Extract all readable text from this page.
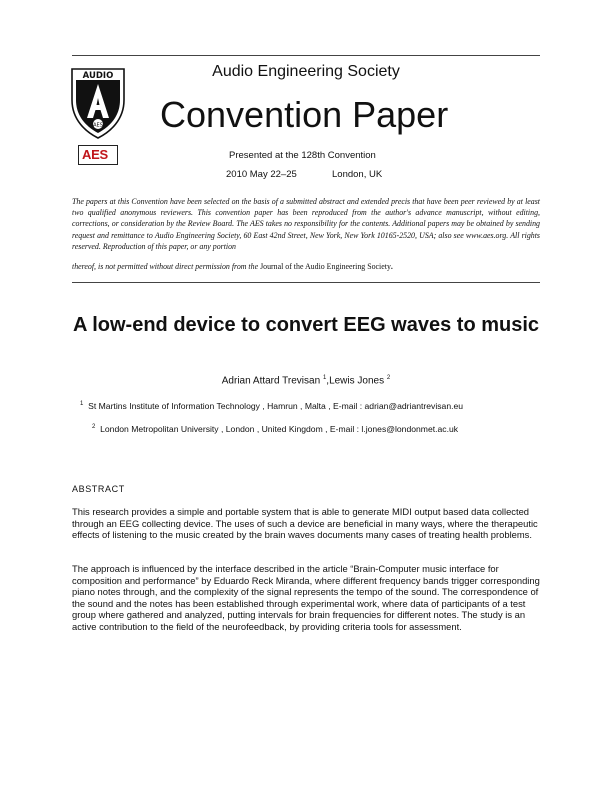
AUDIO
AES
AES
Audio Engineering Society
Convention Paper
Presented at the 128th Convention
2010 May 22–25	London, UK
The papers at this Convention have been selected on the basis of a submitted abstract and extended precis that have been peer reviewed by at least two qualified anonymous reviewers. This convention paper has been reproduced from the author's advance manuscript, without editing, corrections, or consideration by the Review Board. The AES takes no responsibility for the contents. Additional papers may be obtained by sending request and remittance to Audio Engineering Society, 60 East 42nd Street, New York, New York 10165-2520, USA; also see www.aes.org. All rights reserved. Reproduction of this paper, or any portion
thereof, is not permitted without direct permission from the Journal of the Audio Engineering Society.
A low-end device to convert EEG waves to music
Adrian Attard Trevisan $^1$,Lewis Jones $^2$
$^1$ St Martins Institute of Information Technology , Hamrun , Malta , E-mail : adrian@adriantrevisan.eu
$^2$ London Metropolitan University , London , United Kingdom , E-mail : l.jones@londonmet.ac.uk
ABSTRACT
This research provides a simple and portable system that is able to generate MIDI output based data collected through an EEG collecting device. The uses of such a device are beneficial in many ways, where the therapeutic effects of listening to the music created by the brain waves documents many cases of treating health problems.
The approach is influenced by the interface described in the article “Brain-Computer music interface for composition and performance” by Eduardo Reck Miranda, where different frequency bands trigger corresponding piano notes through, and the complexity of the signal represents the tempo of the sound. The correspondence of the sound and the notes has been established through experimental work, where data of participants of a test group where gathered and analyzed, putting intervals for brain frequencies for different notes. The study is an active contribution to the field of the neurofeedback, by providing criteria tools for assessment.
